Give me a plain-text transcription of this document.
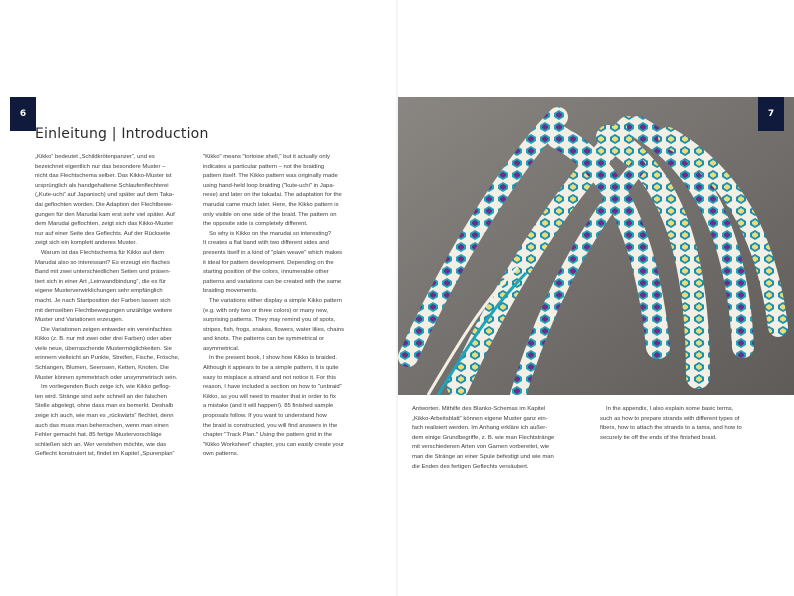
6
Einleitung | Introduction

„Kikko“ bedeutet „Schildkrötenpanzer“, und es

bezeichnet eigentlich nur das besondere Muster –

nicht das Flechtschema selber. Das Kikko-Muster ist

ursprünglich als handgehaltene Schlaufenflechterei

(„Kute-uchi“ auf Japanisch) und später auf dem Taka-

dai geflochten worden. Die Adaption der Flechtbewe-

gungen für den Marudai kam erst sehr viel später. Auf

dem Marudai geflochten, zeigt sich das Kikko-Muster

nur auf einer Seite des Geflechts. Auf der Rückseite

zeigt sich ein komplett anderes Muster.

Warum ist das Flechtschema für Kikko auf dem

Marudai also so interessant? Es erzeugt ein flaches

Band mit zwei unterschiedlichen Seiten und präsen-

tiert sich in einer Art „Leinwandbindung“, die es für

eigene Musterverwirklichungen sehr empfänglich

macht. Je nach Startposition der Farben lassen sich

mit demselben Flechtbewegungen unzählige weitere

Muster und Variationen erzeugen.

Die Variationen zeigen entweder ein vereinfachtes

Kikko (z. B. nur mit zwei oder drei Farben) oder aber

viele neue, überraschende Mustermöglichkeiten. Sie

erinnern vielleicht an Punkte, Streifen, Fische, Frösche,

Schlangen, Blumen, Seerosen, Ketten, Knoten. Die

Muster können symmetrisch oder unsymmetrisch sein.

Im vorliegenden Buch zeige ich, wie Kikko geflog-

ten wird. Stränge sind sehr schnell an der falschen

Stelle abgelegt, ohne dass man es bemerkt. Deshalb

zeige ich auch, wie man es „rückwärts“ flechtet, denn

auch das muss man beherrschen, wenn man einen

Fehler gemacht hat. 85 fertige Mustervorschläge

schließen sich an. Wer verstehen möchte, wie das

Geflecht konstruiert ist, findet im Kapitel „Spurenplan“

"Kikko" means "tortoise shell," but it actually only

indicates a particular pattern – not the braiding

pattern itself. The Kikko pattern was originally made

using hand-held loop braiding ("kute-uchi" in Japa-

nese) and later on the takadai. The adaptation for the

marudai came much later. Here, the Kikko pattern is

only visible on one side of the braid. The pattern on

the opposite side is completely different.

So why is Kikko on the marudai so interesting?

It creates a flat band with two different sides and

presents itself in a kind of "plain weave" which makes

it ideal for pattern development. Depending on the

starting position of the colors, innumerable other

patterns and variations can be created with the same

braiding movements.

The variations either display a simple Kikko pattern

(e.g. with only two or three colors) or many new,

surprising patterns. They may remind you of spots,

stripes, fish, frogs, snakes, flowers, water lilies, chains

and knots. The patterns can be symmetrical or

asymmetrical.

In the present book, I show how Kikko is braided.

Although it appears to be a simple pattern, it is quite

easy to misplace a strand and not notice it. For this

reason, I have included a section on how to "unbraid"

Kikko, as you will need to master that in order to fix

a mistake (and it will happen!). 85 finished sample

proposals follow. If you want to understand how

the braid is constructed, you will find answers in the

chapter "Track Plan." Using the pattern grid in the

"Kikko Worksheet" chapter, you can easily create your

own patterns.

7

Antworten. Mithilfe des Blanko-Schemas im Kapitel

„Kikko-Arbeitsblatt“ können eigene Muster ganz ein-

fach realisiert werden. Im Anhang erkläre ich außer-

dem einige Grundbegriffe, z. B. wie man Flechtstränge

mit verschiedenen Arten von Garnen vorbereitet, wie

man die Stränge an einer Spule befestigt und wie man

die Enden des fertigen Geflechts versäubert.

In the appendix, I also explain some basic terms,

such as how to prepare strands with different types of

fibers, how to attach the strands to a tama, and how to

securely tie off the ends of the finished braid.
